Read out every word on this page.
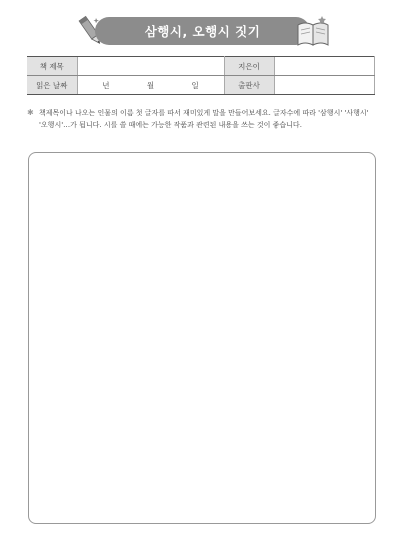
삼행시, 오행시 짓기
책 제목		지은이	
읽은 날짜	년 월 일	출판사	
✱ 책제목이나 나오는 인물의 이름 첫 글자를 따서 재미있게 말을 만들어보세요. 글자수에 따라 '삼행시' '사행시' '오행시'…가 됩니다. 시를 쓸 때에는 가능한 작품과 관련된 내용을 쓰는 것이 좋습니다.
